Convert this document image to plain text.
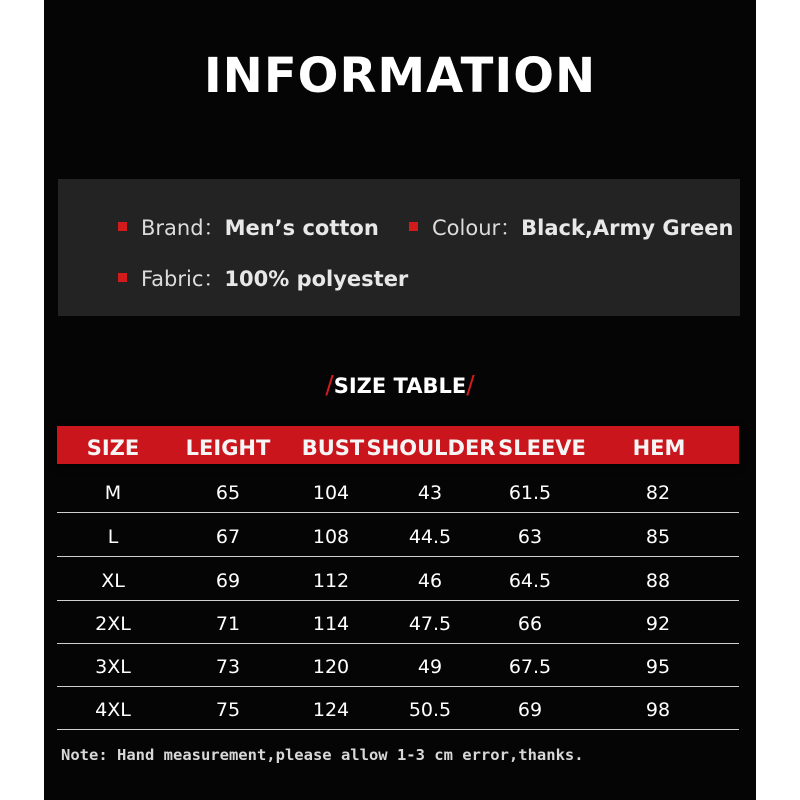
INFORMATION
Brand：Men’s cotton	Colour：Black,Army Green
Fabric：100% polyester
/SIZE TABLE/
SIZE LEIGHT BUST SHOULDER SLEEVE HEM
M	65	104	43	61.5	82
L	67	108	44.5	63	85
XL	69	112	46	64.5	88
2XL	71	114	47.5	66	92
3XL	73	120	49	67.5	95
4XL	75	124	50.5	69	98
Note: Hand measurement,please allow 1-3 cm error,thanks.
